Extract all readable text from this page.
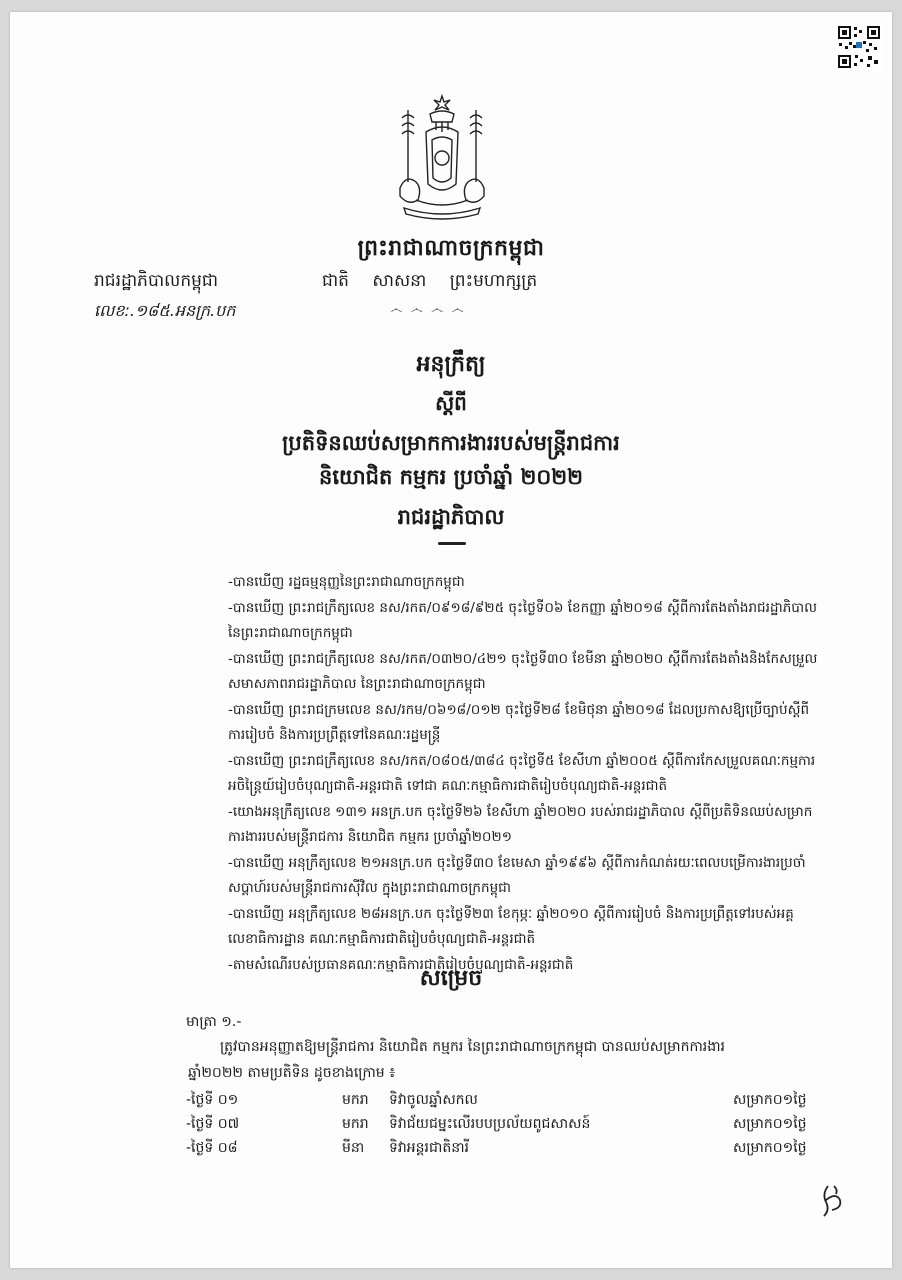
ព្រះរាជាណាចក្រកម្ពុជា
រាជរដ្ឋាភិបាលកម្ពុជា	ជាតិ សាសនា ព្រះមហាក្សត្រ
លេខ:.១៨៥.អនក្រ.បក	෴ ෴ ෴ ෴
អនុក្រឹត្យ
ស្តីពី
ប្រតិទិនឈប់សម្រាកការងាររបស់មន្ត្រីរាជការ
និយោជិត កម្មករ ប្រចាំឆ្នាំ ២០២២
រាជរដ្ឋាភិបាល
-បានឃើញ រដ្ឋធម្មនុញ្ញនៃព្រះរាជាណាចក្រកម្ពុជា
-បានឃើញ ព្រះរាជក្រឹត្យលេខ នស/រកត/០៩១៨/៩២៥ ចុះថ្ងៃទី០៦ ខែកញ្ញា ឆ្នាំ២០១៨ ស្តីពីការតែងតាំងរាជរដ្ឋាភិបាល នៃព្រះរាជាណាចក្រកម្ពុជា
-បានឃើញ ព្រះរាជក្រឹត្យលេខ នស/រកត/០៣២០/៤២១ ចុះថ្ងៃទី៣០ ខែមីនា ឆ្នាំ២០២០ ស្តីពីការតែងតាំងនិងកែសម្រួលសមាសភាពរាជរដ្ឋាភិបាល នៃព្រះរាជាណាចក្រកម្ពុជា
-បានឃើញ ព្រះរាជក្រមលេខ នស/រកម/០៦១៨/០១២ ចុះថ្ងៃទី២៨ ខែមិថុនា ឆ្នាំ២០១៨ ដែលប្រកាសឱ្យប្រើច្បាប់ស្តីពីការរៀបចំ និងការប្រព្រឹត្តទៅនៃគណៈរដ្ឋមន្ត្រី
-បានឃើញ ព្រះរាជក្រឹត្យលេខ នស/រកត/០៨០៥/៣៨៤ ចុះថ្ងៃទី៥ ខែសីហា ឆ្នាំ២០០៥ ស្តីពីការកែសម្រួលគណៈកម្មការអចិន្ត្រៃយ៍រៀបចំបុណ្យជាតិ-អន្តរជាតិ ទៅជា គណៈកម្មាធិការជាតិរៀបចំបុណ្យជាតិ-អន្តរជាតិ
-យោងអនុក្រឹត្យលេខ ១៣១ អនក្រ.បក ចុះថ្ងៃទី២៦ ខែសីហា ឆ្នាំ២០២០ របស់រាជរដ្ឋាភិបាល ស្តីពីប្រតិទិនឈប់សម្រាកការងាររបស់មន្ត្រីរាជការ និយោជិត កម្មករ ប្រចាំឆ្នាំ២០២១
-បានឃើញ អនុក្រឹត្យលេខ ២១អនក្រ.បក ចុះថ្ងៃទី៣០ ខែមេសា ឆ្នាំ១៩៩៦ ស្តីពីការកំណត់រយៈពេលបម្រើការងារប្រចាំសប្តាហ៍របស់មន្ត្រីរាជការស៊ីវិល ក្នុងព្រះរាជាណាចក្រកម្ពុជា
-បានឃើញ អនុក្រឹត្យលេខ ២៨អនក្រ.បក ចុះថ្ងៃទី២៣ ខែកុម្ភៈ ឆ្នាំ២០១០ ស្តីពីការរៀបចំ និងការប្រព្រឹត្តទៅរបស់អគ្គលេខាធិការដ្ឋាន គណៈកម្មាធិការជាតិរៀបចំបុណ្យជាតិ-អន្តរជាតិ
-តាមសំណើរបស់ប្រធានគណៈកម្មាធិការជាតិរៀបចំបុណ្យជាតិ-អន្តរជាតិ
សម្រេច
មាត្រា ១.-
ត្រូវបានអនុញ្ញាតឱ្យមន្ត្រីរាជការ និយោជិត កម្មករ នៃព្រះរាជាណាចក្រកម្ពុជា បានឈប់សម្រាកការងារ
ឆ្នាំ២០២២ តាមប្រតិទិន ដូចខាងក្រោម ៖
-ថ្ងៃទី ០១	មករា ទិវាចូលឆ្នាំសកល	សម្រាក០១ថ្ងៃ
-ថ្ងៃទី ០៧	មករា ទិវាជ័យជម្នះលើរបបប្រល័យពូជសាសន៍	សម្រាក០១ថ្ងៃ
-ថ្ងៃទី ០៨	មីនា ទិវាអន្តរជាតិនារី	សម្រាក០១ថ្ងៃ
